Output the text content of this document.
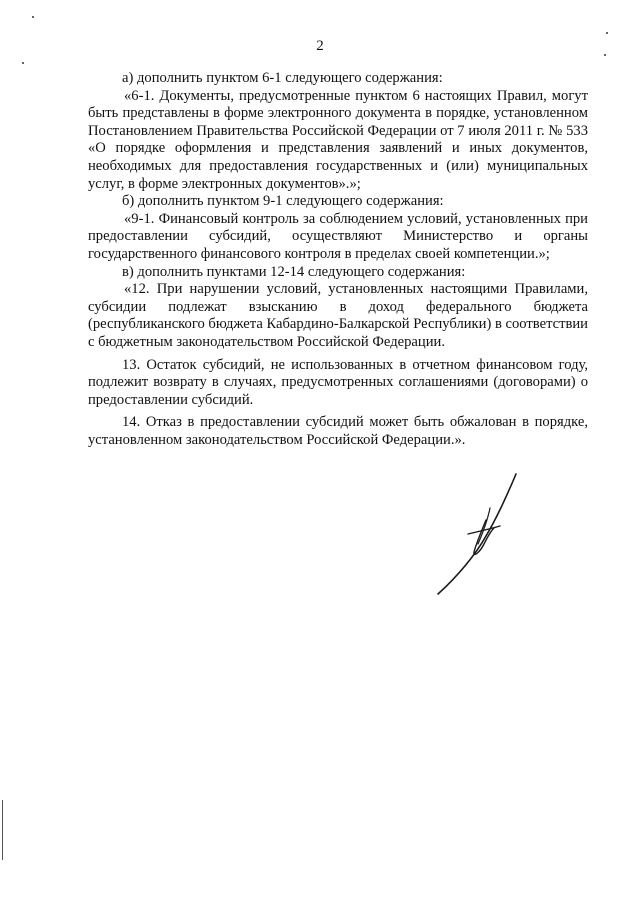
2

а) дополнить пунктом 6-1 следующего содержания:

«6-1. Документы, предусмотренные пунктом 6 настоящих Правил, могут быть представлены в форме электронного документа в порядке, установленном Постановлением Правительства Российской Федерации от 7 июля 2011 г. № 533 «О порядке оформления и представления заявлений и иных документов, необходимых для предоставления государственных и (или) муниципальных услуг, в форме электронных документов».»;

б) дополнить пунктом 9-1 следующего содержания:

«9-1. Финансовый контроль за соблюдением условий, установленных при предоставлении субсидий, осуществляют Министерство и органы государственного финансового контроля в пределах своей компетенции.»;

в) дополнить пунктами 12-14 следующего содержания:

«12. При нарушении условий, установленных настоящими Правилами, субсидии подлежат взысканию в доход федерального бюджета (республиканского бюджета Кабардино-Балкарской Республики) в соответствии с бюджетным законодательством Российской Федерации.

13. Остаток субсидий, не использованных в отчетном финансовом году, подлежит возврату в случаях, предусмотренных соглашениями (договорами) о предоставлении субсидий.

14. Отказ в предоставлении субсидий может быть обжалован в порядке, установленном законодательством Российской Федерации.».
